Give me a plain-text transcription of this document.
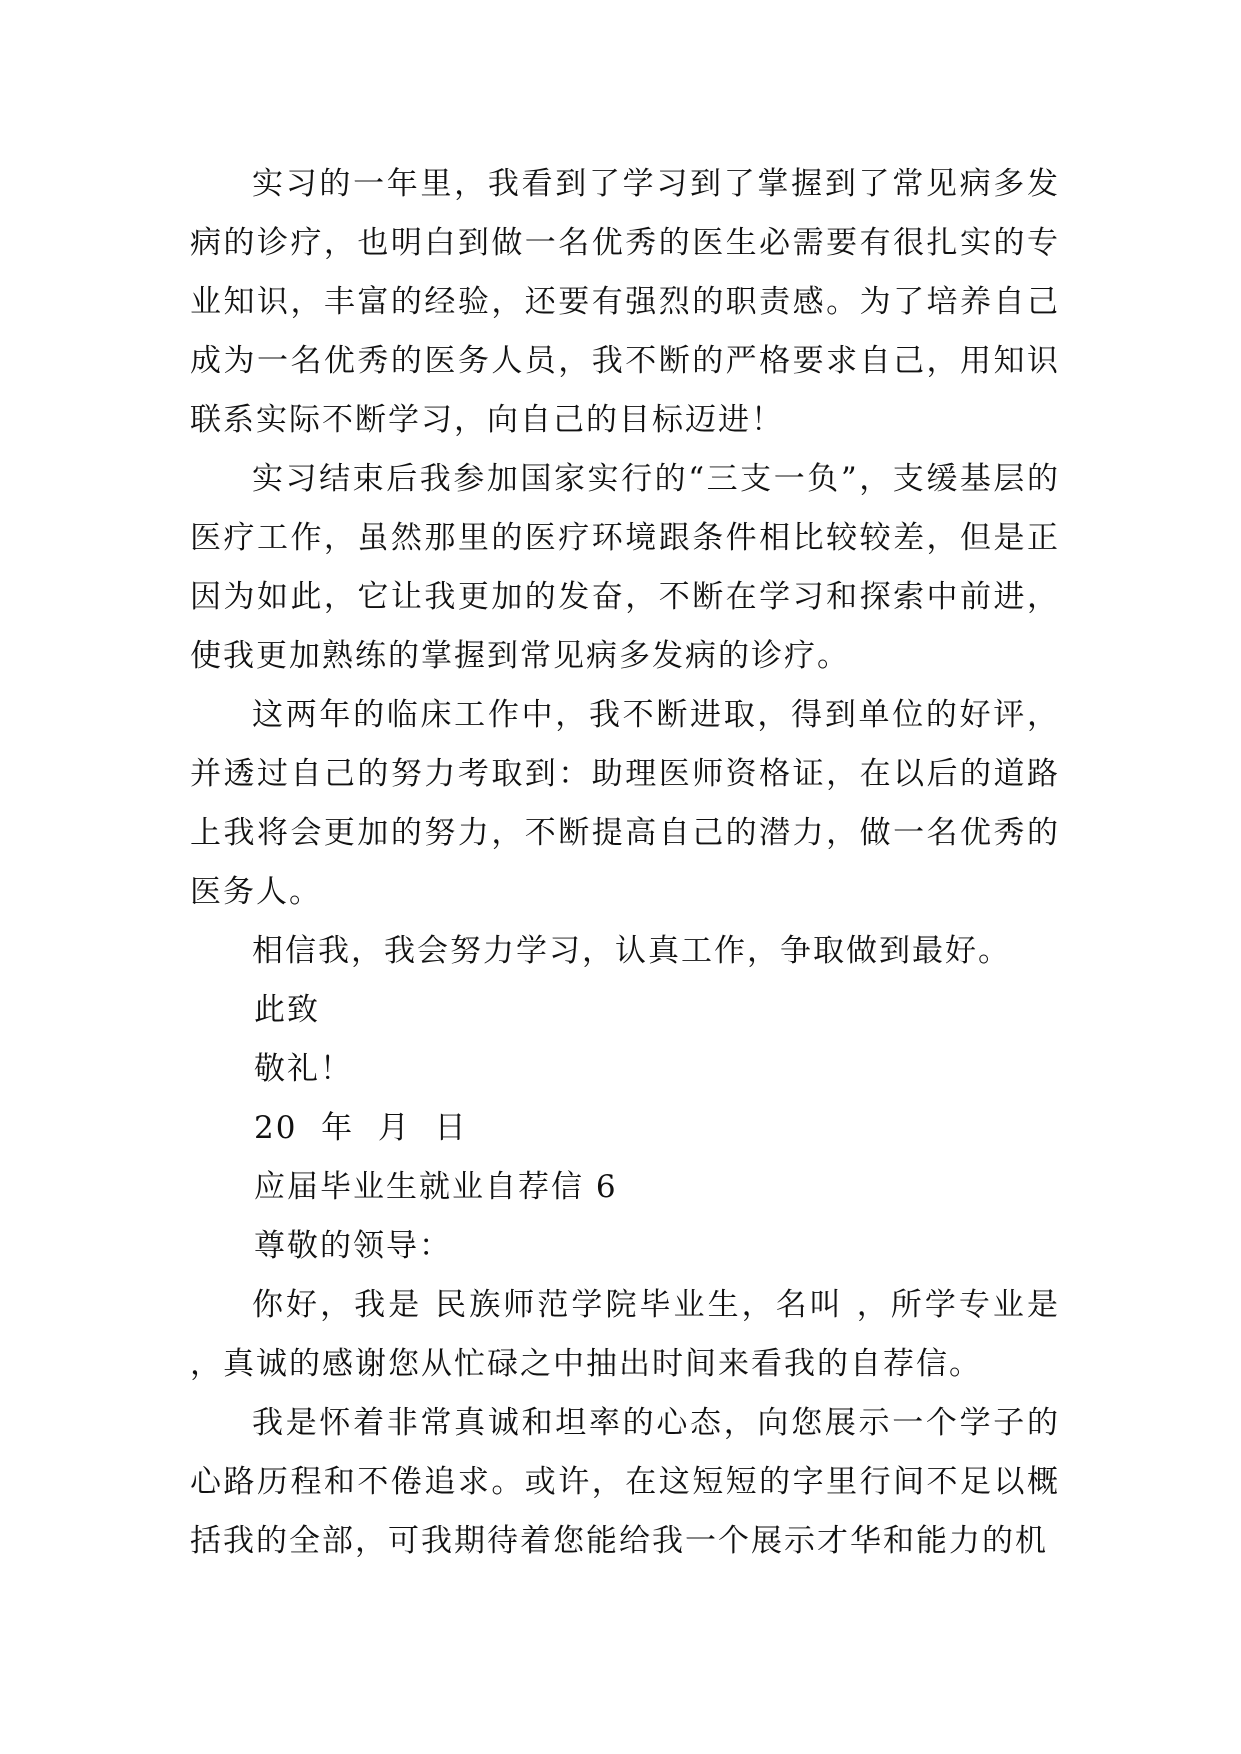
实习的一年里，我看到了学习到了掌握到了常见病多发病的诊疗，也明白到做一名优秀的医生必需要有很扎实的专业知识，丰富的经验，还要有强烈的职责感。为了培养自己成为一名优秀的医务人员，我不断的严格要求自己，用知识联系实际不断学习，向自己的目标迈进！

实习结束后我参加国家实行的“三支一负”，支缓基层的医疗工作，虽然那里的医疗环境跟条件相比较较差，但是正因为如此，它让我更加的发奋，不断在学习和探索中前进，使我更加熟练的掌握到常见病多发病的诊疗。

这两年的临床工作中，我不断进取，得到单位的好评，并透过自己的努力考取到：助理医师资格证，在以后的道路上我将会更加的努力，不断提高自己的潜力，做一名优秀的医务人。

相信我，我会努力学习，认真工作，争取做到最好。

此致

敬礼！

20  年  月  日

应届毕业生就业自荐信 6

尊敬的领导：

你好，我是 民族师范学院毕业生，名叫 ，所学专业是 ，真诚的感谢您从忙碌之中抽出时间来看我的自荐信。

我是怀着非常真诚和坦率的心态，向您展示一个学子的心路历程和不倦追求。或许，在这短短的字里行间不足以概括我的全部，可我期待着您能给我一个展示才华和能力的机
